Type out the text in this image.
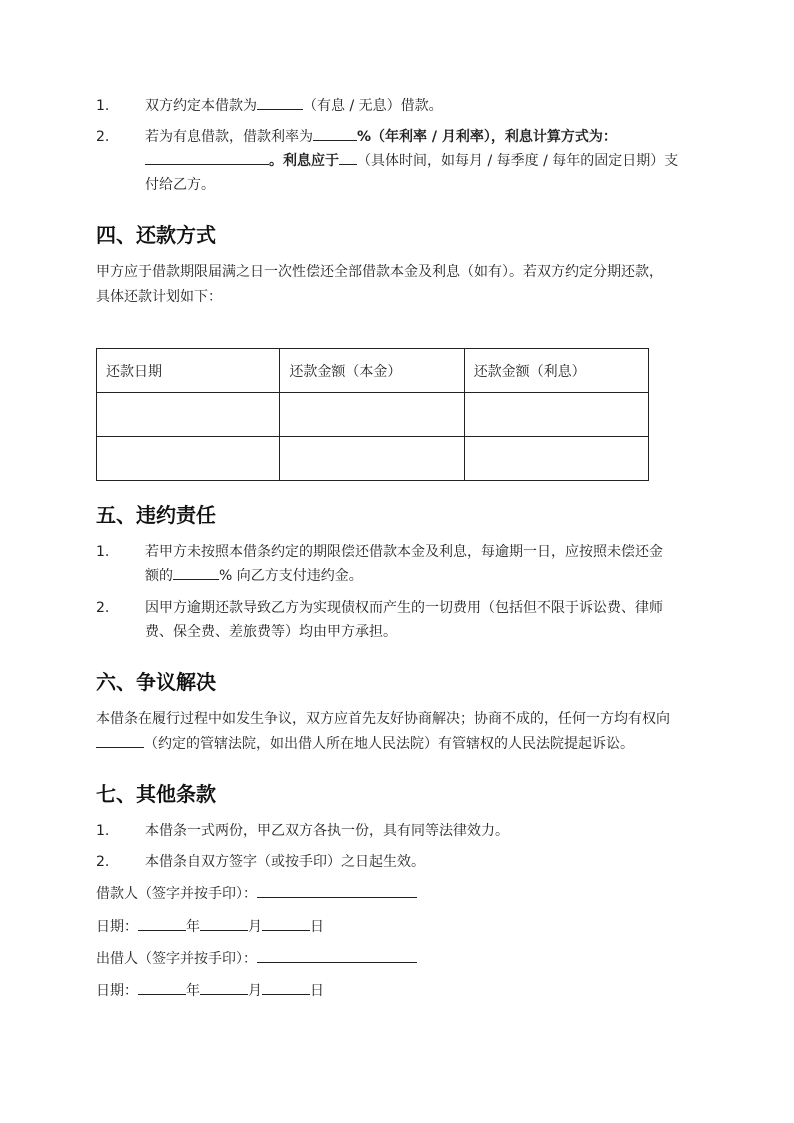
1.	双方约定本借款为	（有息 / 无息）借款。
2.	若为有息借款，借款利率为	%（年利率 / 月利率），利息计算方式为：
。利息应于 （具体时间，如每月 / 每季度 / 每年的固定日期）支
付给乙方。
四、还款方式
甲方应于借款期限届满之日一次性偿还全部借款本金及利息（如有）。若双方约定分期还款，
具体还款计划如下：
还款日期	还款金额（本金）	还款金额（利息）

五、违约责任
1.	若甲方未按照本借条约定的期限偿还借款本金及利息，每逾期一日，应按照未偿还金
额的	% 向乙方支付违约金。
2.	因甲方逾期还款导致乙方为实现债权而产生的一切费用（包括但不限于诉讼费、律师
费、保全费、差旅费等）均由甲方承担。
六、争议解决
本借条在履行过程中如发生争议，双方应首先友好协商解决；协商不成的，任何一方均有权向
（约定的管辖法院，如出借人所在地人民法院）有管辖权的人民法院提起诉讼。
七、其他条款
1.	本借条一式两份，甲乙双方各执一份，具有同等法律效力。
2.	本借条自双方签字（或按手印）之日起生效。
借款人（签字并按手印）：
日期：	年	月	日
出借人（签字并按手印）：
日期：	年	月	日
